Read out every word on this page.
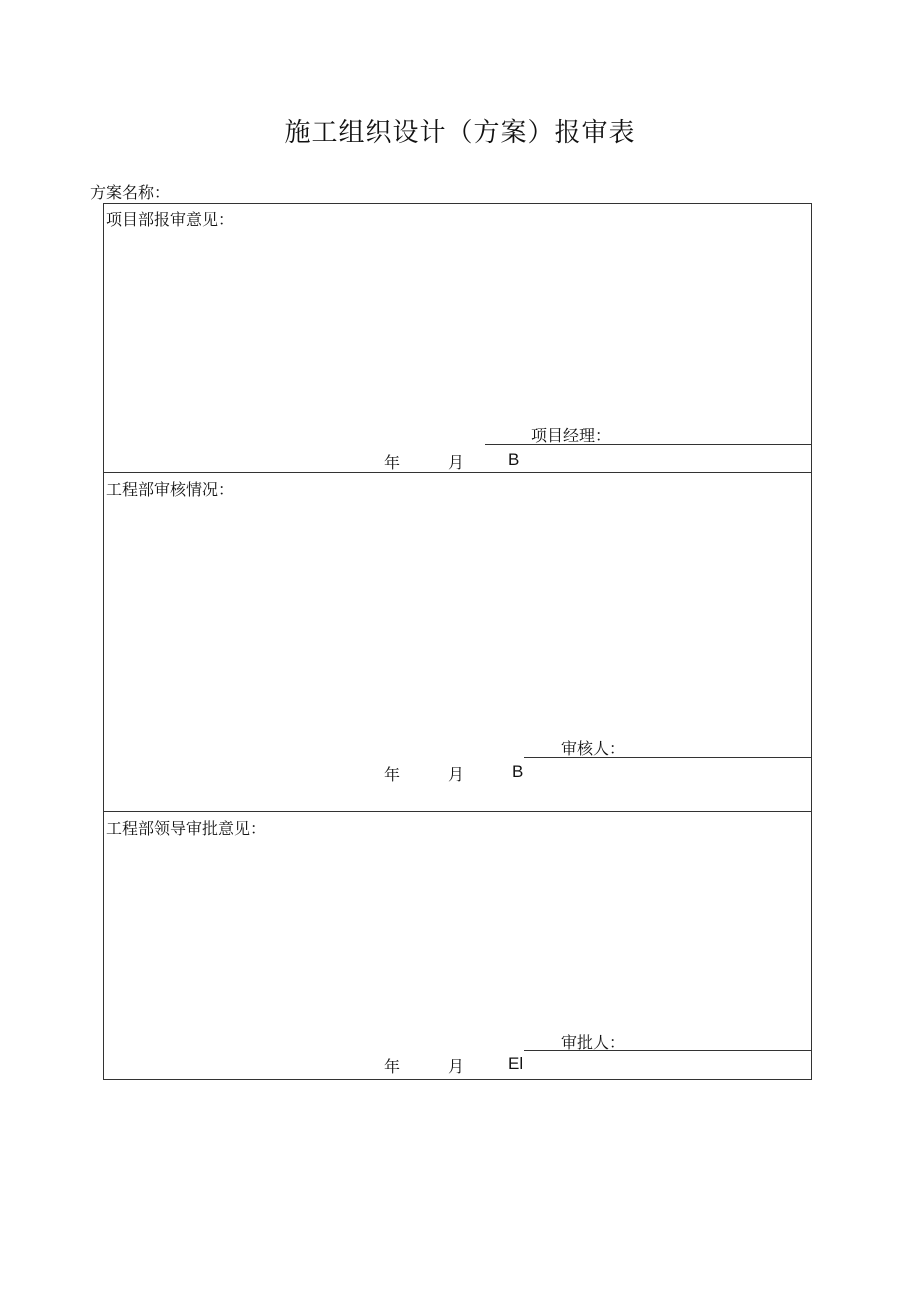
施工组织设计（方案）报审表
方案名称：
项目部报审意见：
项目经理：
年	月	B
工程部审核情况：
审核人：
年	月	B
工程部领导审批意见：
审批人：
年	月	El
